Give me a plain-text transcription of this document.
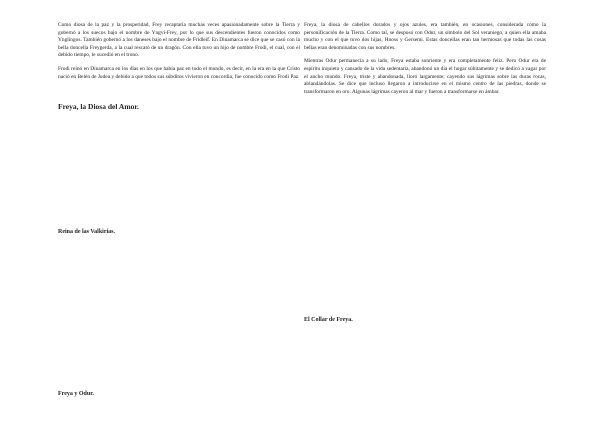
Como diosa de la paz y la prosperidad, Frey recaptaría muchas veces apasionadamente sobre la Tierra y gobernó a los suecos bajo el nombre de Yngvi-Frey, por lo que sus descendientes fueron conocidos como Ynglingos. También gobernó a los daneses bajo el nombre de Fridleif. En Dinamarca se dice que se casó con la bella doncella Freygerda, a la cual rescató de un dragón. Con ella tuvo un hijo de nombre Frodi, el cual, con el debido tiempo, le sucedió en el trono.

Frodi reinó en Dinamarca en los días en los que había paz en todo el mundo, es decir, en la era en la que Cristo nació en Belén de Judea y debido a que todos sus súbditos vivieron en concordia, fue conocido como Frodi Paz.

Freya, la Diosa del Amor.
Reina de las Valkirias.
Freya y Odur.

Freya, la diosa de cabellos dorados y ojos azules, era también, en ocasiones, considerada como la personificación de la Tierra. Como tal, se desposó con Odur, un símbolo del Sol veraniego, a quien ella amaba mucho y con el que tuvo dos hijas, Hnoss y Gersemi. Estas doncellas eran tan hermosas que todas las cosas bellas eran denominadas con sus nombres.

Mientras Odur permanecía a su lado, Freya estaba sonriente y era completamente feliz. Pero Odur era de espíritu inquieto y cansado de la vida sedentaria, abandonó un día el hogar súbitamente y se dedicó a vagar por el ancho mundo. Freya, triste y abandonada, lloró largamente; cayendo sus lágrimas sobre las duras rocas, ablandándolas. Se dice que incluso llegaron a introducirse en el mismo centro de las piedras, donde se transformaron en oro. Algunas lágrimas cayeron al mar y fueron a transformarse en ámbar.

El Collar de Freya.
